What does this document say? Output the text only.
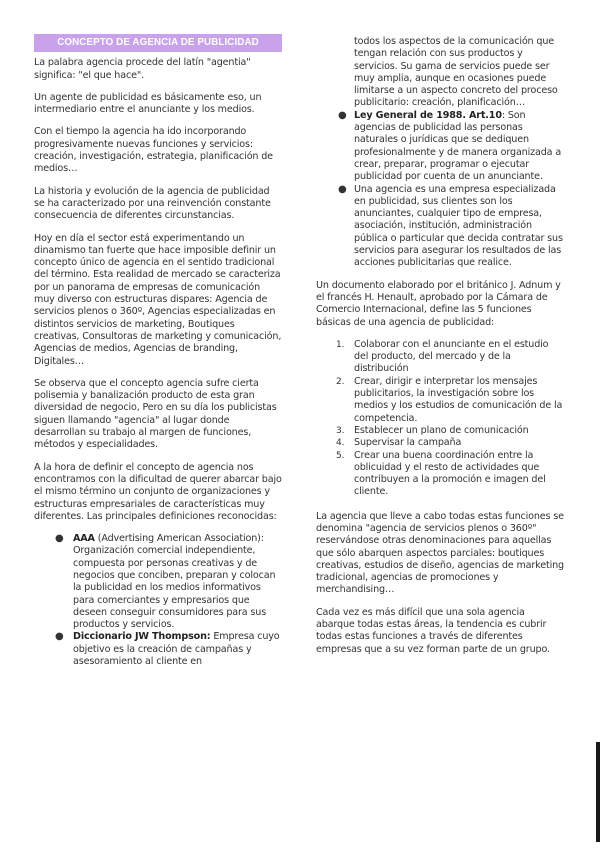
CONCEPTO DE AGENCIA DE PUBLICIDAD

La palabra agencia procede del latín "agentia" significa: "el que hace".

Un agente de publicidad es básicamente eso, un intermediario entre el anunciante y los medios.

Con el tiempo la agencia ha ido incorporando progresivamente nuevas funciones y servicios: creación, investigación, estrategia, planificación de medios…

La historia y evolución de la agencia de publicidad se ha caracterizado por una reinvención constante consecuencia de diferentes circunstancias.

Hoy en día el sector está experimentando un dinamismo tan fuerte que hace imposible definir un concepto único de agencia en el sentido tradicional del término. Esta realidad de mercado se caracteriza por un panorama de empresas de comunicación muy diverso con estructuras dispares: Agencia de servicios plenos o 360º, Agencias especializadas en distintos servicios de marketing, Boutiques creativas, Consultoras de marketing y comunicación, Agencias de medios, Agencias de branding, Digitales…

Se observa que el concepto agencia sufre cierta polisemia y banalización producto de esta gran diversidad de negocio, Pero en su día los publicistas siguen llamando "agencia" al lugar donde desarrollan su trabajo al margen de funciones, métodos y especialidades.

A la hora de definir el concepto de agencia nos encontramos con la dificultad de querer abarcar bajo el mismo término un conjunto de organizaciones y estructuras empresariales de características muy diferentes. Las principales definiciones reconocidas:

● AAA (Advertising American Association): Organización comercial independiente, compuesta por personas creativas y de negocios que conciben, preparan y colocan la publicidad en los medios informativos para comerciantes y empresarios que deseen conseguir consumidores para sus productos y servicios.
● Diccionario JW Thompson: Empresa cuyo objetivo es la creación de campañas y asesoramiento al cliente en
todos los aspectos de la comunicación que tengan relación con sus productos y servicios. Su gama de servicios puede ser muy amplia, aunque en ocasiones puede limitarse a un aspecto concreto del proceso publicitario: creación, planificación…
● Ley General de 1988. Art.10: Son agencias de publicidad las personas naturales o jurídicas que se dediquen profesionalmente y de manera organizada a crear, preparar, programar o ejecutar publicidad por cuenta de un anunciante.
● Una agencia es una empresa especializada en publicidad, sus clientes son los anunciantes, cualquier tipo de empresa, asociación, institución, administración pública o particular que decida contratar sus servicios para asegurar los resultados de las acciones publicitarias que realice.

Un documento elaborado por el británico J. Adnum y el francés H. Henault, aprobado por la Cámara de Comercio Internacional, define las 5 funciones básicas de una agencia de publicidad:

1. Colaborar con el anunciante en el estudio del producto, del mercado y de la distribución
2. Crear, dirigir e interpretar los mensajes publicitarios, la investigación sobre los medios y los estudios de comunicación de la competencia.
3. Establecer un plano de comunicación
4. Supervisar la campaña
5. Crear una buena coordinación entre la oblicuidad y el resto de actividades que contribuyen a la promoción e imagen del cliente.

La agencia que lleve a cabo todas estas funciones se denomina "agencia de servicios plenos o 360º" reservándose otras denominaciones para aquellas que sólo abarquen aspectos parciales: boutiques creativas, estudios de diseño, agencias de marketing tradicional, agencias de promociones y merchandising…

Cada vez es más difícil que una sola agencia abarque todas estas áreas, la tendencia es cubrir todas estas funciones a través de diferentes empresas que a su vez forman parte de un grupo.
